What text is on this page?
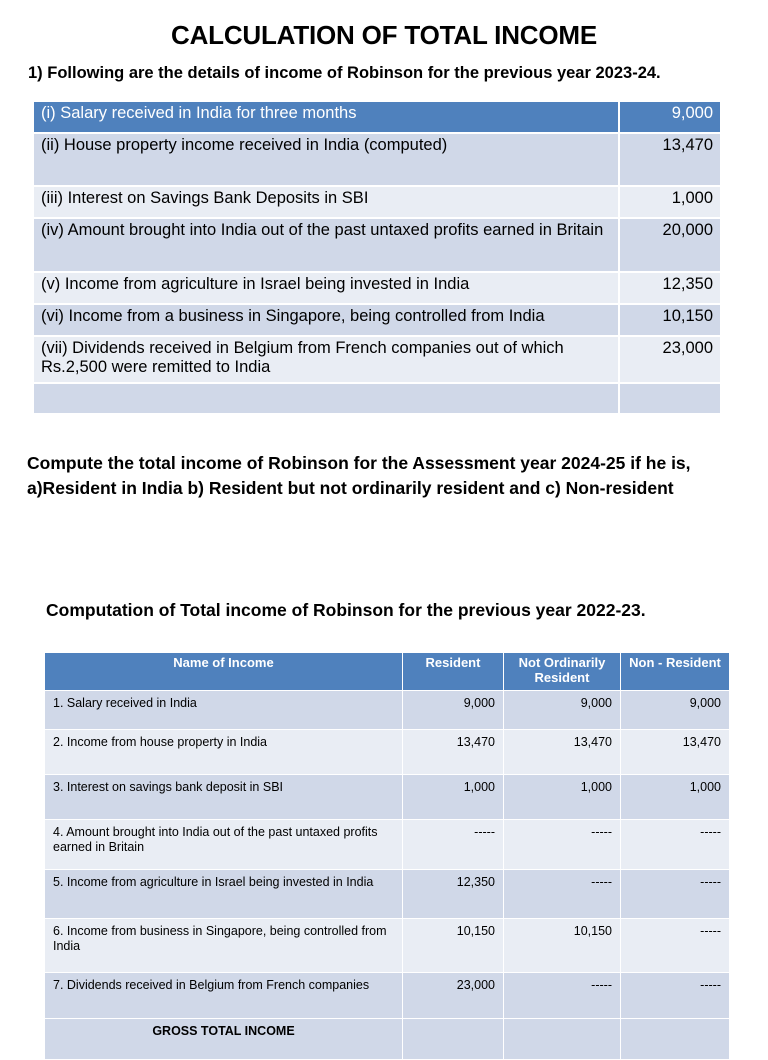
CALCULATION OF TOTAL INCOME
1) Following are the details of income of Robinson for the previous year 2023-24.
(i) Salary received in India for three months	9,000
(ii) House property income received in India (computed)	13,470
(iii) Interest on Savings Bank Deposits in SBI	1,000
(iv) Amount brought into India out of the past untaxed profits earned in Britain	20,000
(v) Income from agriculture in Israel being invested in India	12,350
(vi) Income from a business in Singapore, being controlled from India	10,150
(vii) Dividends received in Belgium from French companies out of which Rs.2,500 were remitted to India	23,000

Compute the total income of Robinson for the Assessment year 2024-25 if he is, a)Resident in India b) Resident but not ordinarily resident and c) Non-resident
Computation of Total income of Robinson for the previous year 2022-23.
Name of Income	Resident	Not Ordinarily Resident	Non - Resident
1. Salary received in India	9,000	9,000	9,000
2. Income from house property in India	13,470	13,470	13,470
3. Interest on savings bank deposit in SBI	1,000	1,000	1,000
4. Amount brought into India out of the past untaxed profits earned in Britain	-----	-----	-----
5. Income from agriculture in Israel being invested in India	12,350	-----	-----
6. Income from business in Singapore, being controlled from India	10,150	10,150	-----
7. Dividends received in Belgium from French companies	23,000	-----	-----
GROSS TOTAL INCOME			
